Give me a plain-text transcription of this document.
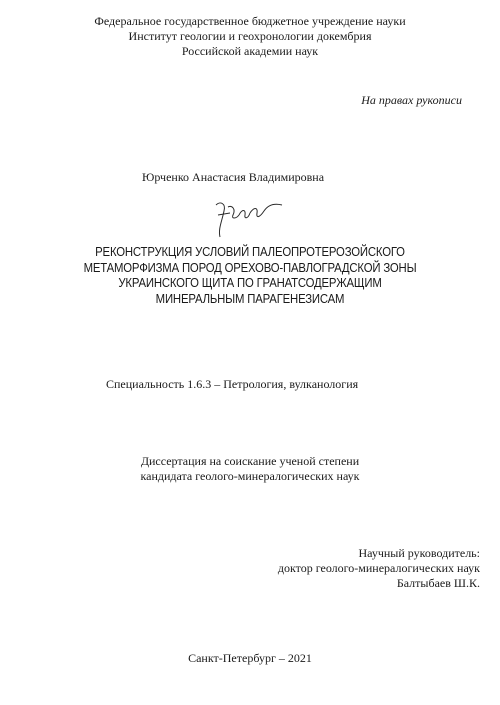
Федеральное государственное бюджетное учреждение науки
Институт геологии и геохронологии докембрия
Российской академии наук
На правах рукописи
Юрченко Анастасия Владимировна
РЕКОНСТРУКЦИЯ УСЛОВИЙ ПАЛЕОПРОТЕРОЗОЙСКОГО
МЕТАМОРФИЗМА ПОРОД ОРЕХОВО-ПАВЛОГРАДСКОЙ ЗОНЫ
УКРАИНСКОГО ЩИТА ПО ГРАНАТСОДЕРЖАЩИМ
МИНЕРАЛЬНЫМ ПАРАГЕНЕЗИСАМ
Специальность 1.6.3 – Петрология, вулканология
Диссертация на соискание ученой степени
кандидата геолого-минералогических наук
Научный руководитель:
доктор геолого-минералогических наук
Балтыбаев Ш.К.
Санкт-Петербург – 2021
